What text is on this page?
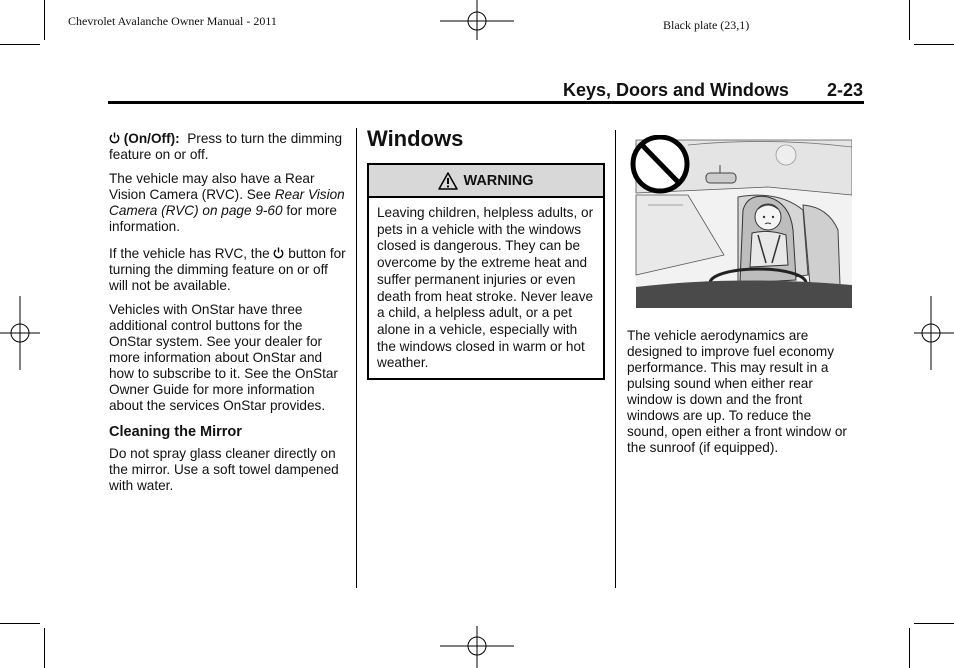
Chevrolet Avalanche Owner Manual - 2011	Black plate (23,1)
Keys, Doors and Windows 2-23

(On/Off): Press to turn the dimming feature on or off.

The vehicle may also have a Rear Vision Camera (RVC). See Rear Vision Camera (RVC) on page 9-60 for more information.

If the vehicle has RVC, the button for turning the dimming feature on or off will not be available.

Vehicles with OnStar have three additional control buttons for the OnStar system. See your dealer for more information about OnStar and how to subscribe to it. See the OnStar Owner Guide for more information about the services OnStar provides.

Cleaning the Mirror

Do not spray glass cleaner directly on the mirror. Use a soft towel dampened with water.

Windows
WARNING
Leaving children, helpless adults, or pets in a vehicle with the windows closed is dangerous. They can be overcome by the extreme heat and suffer permanent injuries or even death from heat stroke. Never leave a child, a helpless adult, or a pet alone in a vehicle, especially with the windows closed in warm or hot weather.

The vehicle aerodynamics are designed to improve fuel economy performance. This may result in a pulsing sound when either rear window is down and the front windows are up. To reduce the sound, open either a front window or the sunroof (if equipped).
